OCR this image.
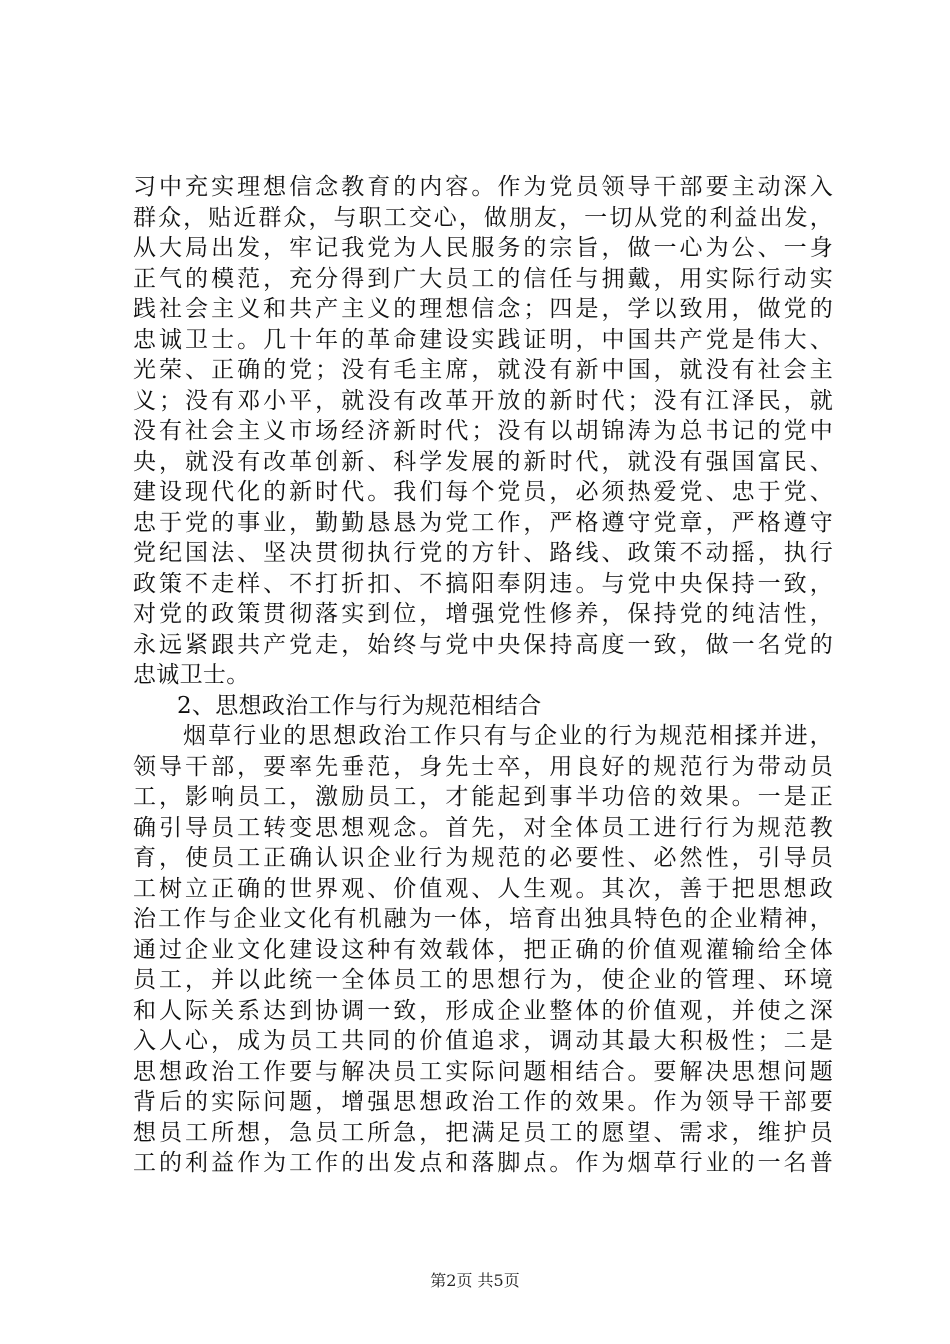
习中充实理想信念教育的内容。作为党员领导干部要主动深入
群众，贴近群众，与职工交心，做朋友，一切从党的利益出发，
从大局出发，牢记我党为人民服务的宗旨，做一心为公、一身
正气的模范，充分得到广大员工的信任与拥戴，用实际行动实
践社会主义和共产主义的理想信念；四是，学以致用，做党的
忠诚卫士。几十年的革命建设实践证明，中国共产党是伟大、
光荣、正确的党；没有毛主席，就没有新中国，就没有社会主
义；没有邓小平，就没有改革开放的新时代；没有江泽民，就
没有社会主义市场经济新时代；没有以胡锦涛为总书记的党中
央，就没有改革创新、科学发展的新时代，就没有强国富民、
建设现代化的新时代。我们每个党员，必须热爱党、忠于党、
忠于党的事业，勤勤恳恳为党工作，严格遵守党章，严格遵守
党纪国法、坚决贯彻执行党的方针、路线、政策不动摇，执行
政策不走样、不打折扣、不搞阳奉阴违。与党中央保持一致，
对党的政策贯彻落实到位，增强党性修养，保持党的纯洁性，
永远紧跟共产党走，始终与党中央保持高度一致，做一名党的
忠诚卫士。
2、思想政治工作与行为规范相结合
烟草行业的思想政治工作只有与企业的行为规范相揉并进，
领导干部，要率先垂范，身先士卒，用良好的规范行为带动员
工，影响员工，激励员工，才能起到事半功倍的效果。一是正
确引导员工转变思想观念。首先，对全体员工进行行为规范教
育，使员工正确认识企业行为规范的必要性、必然性，引导员
工树立正确的世界观、价值观、人生观。其次，善于把思想政
治工作与企业文化有机融为一体，培育出独具特色的企业精神，
通过企业文化建设这种有效载体，把正确的价值观灌输给全体
员工，并以此统一全体员工的思想行为，使企业的管理、环境
和人际关系达到协调一致，形成企业整体的价值观，并使之深
入人心，成为员工共同的价值追求，调动其最大积极性；二是
思想政治工作要与解决员工实际问题相结合。要解决思想问题
背后的实际问题，增强思想政治工作的效果。作为领导干部要
想员工所想，急员工所急，把满足员工的愿望、需求，维护员
工的利益作为工作的出发点和落脚点。作为烟草行业的一名普
第2页 共5页
